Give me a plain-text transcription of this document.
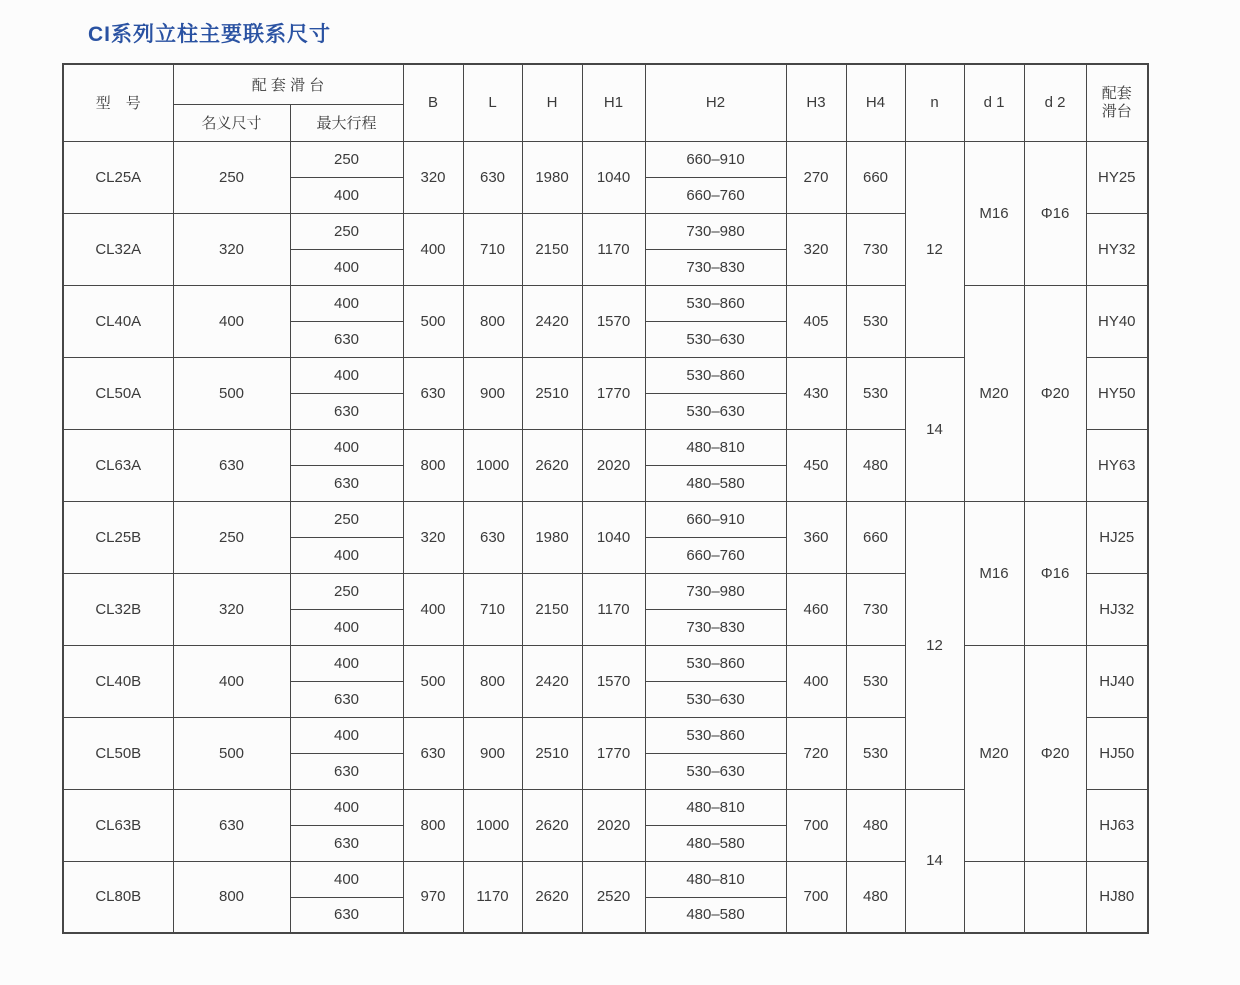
CI系列立柱主要联系尺寸
型　号	配 套 滑 台		B	L	H	H1	H2	H3	H4	n	d 1	d 2	配套
滑台

	名义尺寸	最大行程											
CL25A	250	250	320	630	1980	1040	660–910	270	660	12	M16	Φ16	HY25
		400					660–760						
CL32A	320	250	400	710	2150	1170	730–980	320	730				HY32
		400					730–830						
CL40A	400	400	500	800	2420	1570	530–860	405	530		M20	Φ20	HY40
		630					530–630						
CL50A	500	400	630	900	2510	1770	530–860	430	530	14			HY50
		630					530–630						
CL63A	630	400	800	1000	2620	2020	480–810	450	480				HY63
		630					480–580						
CL25B	250	250	320	630	1980	1040	660–910	360	660	12	M16	Φ16	HJ25
		400					660–760						
CL32B	320	250	400	710	2150	1170	730–980	460	730				HJ32
		400					730–830						
CL40B	400	400	500	800	2420	1570	530–860	400	530		M20	Φ20	HJ40
		630					530–630						
CL50B	500	400	630	900	2510	1770	530–860	720	530				HJ50
		630					530–630						
CL63B	630	400	800	1000	2620	2020	480–810	700	480	14			HJ63
		630					480–580						
CL80B	800	400	970	1170	2620	2520	480–810	700	480				HJ80
		630					480–580						
